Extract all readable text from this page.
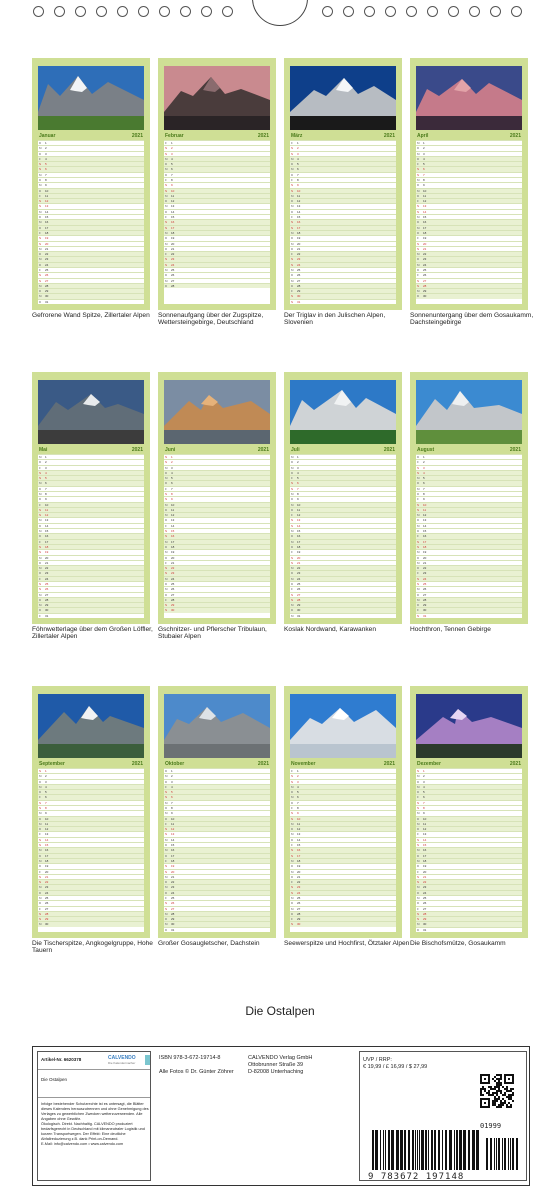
Januar	2021
D	1
M	2
D	3
F	4
S	5
S	6
M	7
D	8
M	9
D	10
F	11
S	12
S	13
M	14
D	15
M	16
D	17
F	18
S	19
S	20
M	21
D	22
M	23
D	24
F	25
S	26
S	27
M	28
D	29
M	30
D	31
Gefrorene Wand Spitze, Zillertaler Alpen
Februar	2021
F	1
S	2
S	3
M	4
D	5
M	6
D	7
F	8
S	9
S	10
M	11
D	12
M	13
D	14
F	15
S	16
S	17
M	18
D	19
M	20
D	21
F	22
S	23
S	24
M	25
D	26
M	27
D	28
Sonnenaufgang über der Zugspitze, Wettersteingebirge, Deutschland
März	2021
F	1
S	2
S	3
M	4
D	5
M	6
D	7
F	8
S	9
S	10
M	11
D	12
M	13
D	14
F	15
S	16
S	17
M	18
D	19
M	20
D	21
F	22
S	23
S	24
M	25
D	26
M	27
D	28
F	29
S	30
S	31
Der Triglav in den Julischen Alpen, Slovenien
April	2021
M	1
D	2
M	3
D	4
F	5
S	6
S	7
M	8
D	9
M	10
D	11
F	12
S	13
S	14
M	15
D	16
M	17
D	18
F	19
S	20
S	21
M	22
D	23
M	24
D	25
F	26
S	27
S	28
M	29
D	30
Sonnenuntergang über dem Gosaukamm, Dachsteingebirge
Mai	2021
M	1
D	2
F	3
S	4
S	5
M	6
D	7
M	8
D	9
F	10
S	11
S	12
M	13
D	14
M	15
D	16
F	17
S	18
S	19
M	20
D	21
M	22
D	23
F	24
S	25
S	26
M	27
D	28
M	29
D	30
F	31
Föhnwetterlage über dem Großen Löffler, Zillertaler Alpen
Juni	2021
S	1
S	2
M	3
D	4
M	5
D	6
F	7
S	8
S	9
M	10
D	11
M	12
D	13
F	14
S	15
S	16
M	17
D	18
M	19
D	20
F	21
S	22
S	23
M	24
D	25
M	26
D	27
F	28
S	29
S	30
Gschnitzer- und Pflerscher Tribulaun, Stubaier Alpen
Juli	2021
M	1
D	2
M	3
D	4
F	5
S	6
S	7
M	8
D	9
M	10
D	11
F	12
S	13
S	14
M	15
D	16
M	17
D	18
F	19
S	20
S	21
M	22
D	23
M	24
D	25
F	26
S	27
S	28
M	29
D	30
M	31
Koslak Nordwand, Karawanken
August	2021
D	1
F	2
S	3
S	4
M	5
D	6
M	7
D	8
F	9
S	10
S	11
M	12
D	13
M	14
D	15
F	16
S	17
S	18
M	19
D	20
M	21
D	22
F	23
S	24
S	25
M	26
D	27
M	28
D	29
F	30
S	31
Hochthron, Tennen Gebirge
September	2021
S	1
M	2
D	3
M	4
D	5
F	6
S	7
S	8
M	9
D	10
M	11
D	12
F	13
S	14
S	15
M	16
D	17
M	18
D	19
F	20
S	21
S	22
M	23
D	24
M	25
D	26
F	27
S	28
S	29
M	30
Die Tischerspitze, Angkogelgruppe, Hohe Tauern
Oktober	2021
D	1
M	2
D	3
F	4
S	5
S	6
M	7
D	8
M	9
D	10
F	11
S	12
S	13
M	14
D	15
M	16
D	17
F	18
S	19
S	20
M	21
D	22
M	23
D	24
F	25
S	26
S	27
M	28
D	29
M	30
D	31
Großer Gosaugletscher, Dachstein
November	2021
F	1
S	2
S	3
M	4
D	5
M	6
D	7
F	8
S	9
S	10
M	11
D	12
M	13
D	14
F	15
S	16
S	17
M	18
D	19
M	20
D	21
F	22
S	23
S	24
M	25
D	26
M	27
D	28
F	29
S	30
Seewerspitze und Hochfirst, Ötztaler Alpen
Dezember	2021
S	1
M	2
D	3
M	4
D	5
F	6
S	7
S	8
M	9
D	10
M	11
D	12
F	13
S	14
S	15
M	16
D	17
M	18
D	19
F	20
S	21
S	22
M	23
D	24
M	25
D	26
F	27
S	28
S	29
M	30
D	31
Die Bischofsmütze, Gosaukamm
Die Ostalpen
Artikel-Nr. 6620378	CALVENDO
Die Kalendermacher
Die Ostalpen
Infolge bestehender Schutzrechte ist es untersagt, die Blätter dieses Kalenders herauszutrennen und ohne Genehmigung des Verlages zu gewerblichen Zwecken weiterzuverwenden. Alle Angaben ohne Gewähr.
Ökologisch. Direkt. Nachhaltig. CALVENDO produziert bedarfsgerecht in Deutschland mit klimaneutraler Logistik und kurzen Transportwegen. Der Effekt: Eine deutliche Abfallreduzierung z.B. dank Print-on-Demand.
E-Mail: info@calvendo.com • www.calvendo.com
ISBN 978-3-672-19714-8
Alle Fotos © Dr. Günter Zöhrer
CALVENDO Verlag GmbH
Ottobrunner Straße 39
D-82008 Unterhaching
UVP / RRP:
€ 19,99 / £ 16,99 / $ 27,99
9 783672 197148
01999
